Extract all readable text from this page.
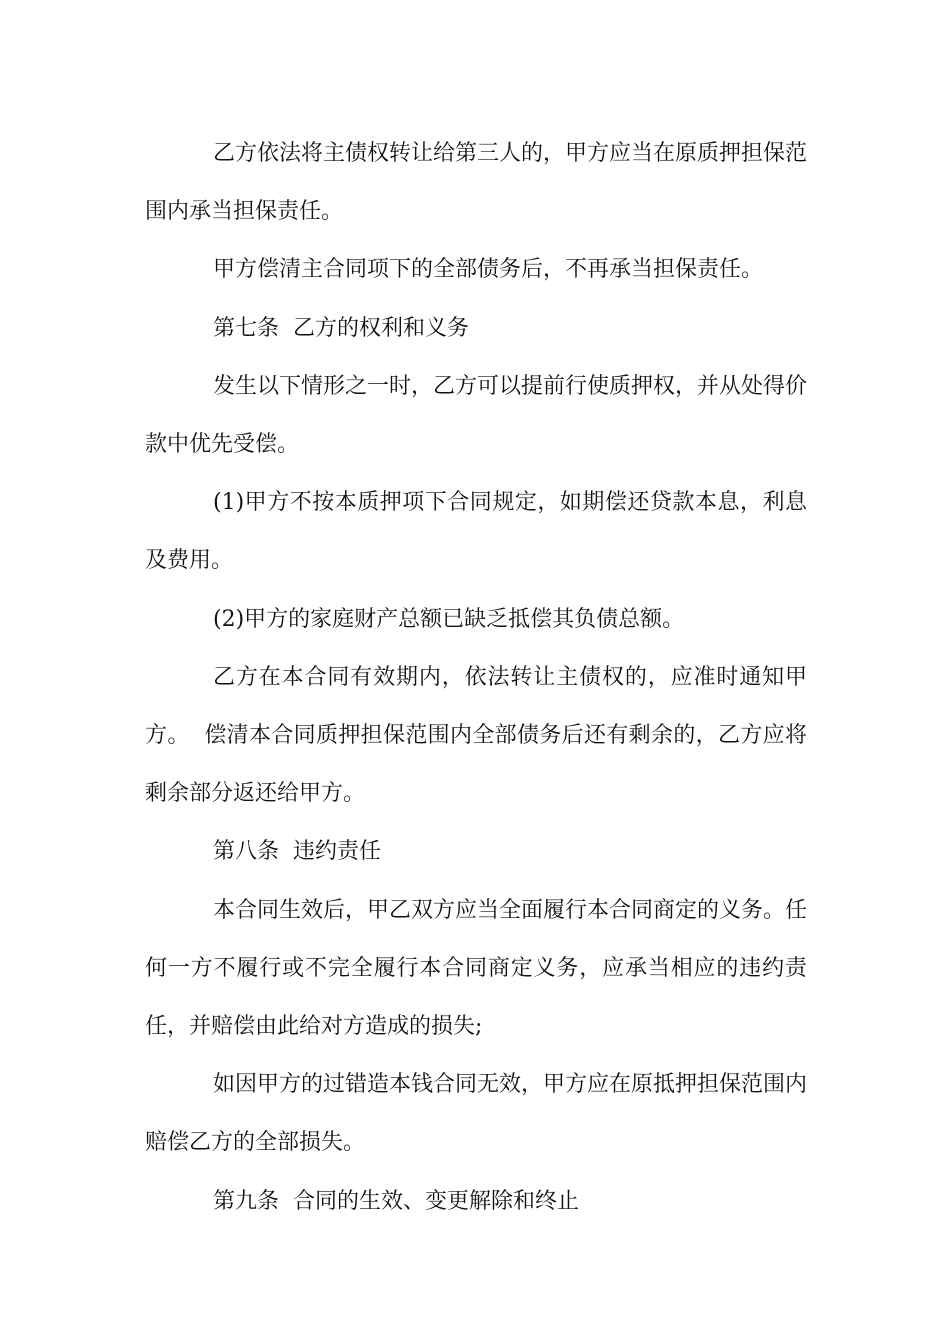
乙方依法将主债权转让给第三人的，甲方应当在原质押担保范围内承当担保责任。

甲方偿清主合同项下的全部债务后，不再承当担保责任。

第七条  乙方的权利和义务

发生以下情形之一时，乙方可以提前行使质押权，并从处得价款中优先受偿。

(1)甲方不按本质押项下合同规定，如期偿还贷款本息，利息及费用。

(2)甲方的家庭财产总额已缺乏抵偿其负债总额。

乙方在本合同有效期内，依法转让主债权的，应准时通知甲方。  偿清本合同质押担保范围内全部债务后还有剩余的，乙方应将剩余部分返还给甲方。

第八条  违约责任

本合同生效后，甲乙双方应当全面履行本合同商定的义务。任何一方不履行或不完全履行本合同商定义务，应承当相应的违约责任，并赔偿由此给对方造成的损失;

如因甲方的过错造本钱合同无效，甲方应在原抵押担保范围内赔偿乙方的全部损失。

第九条  合同的生效、变更解除和终止
